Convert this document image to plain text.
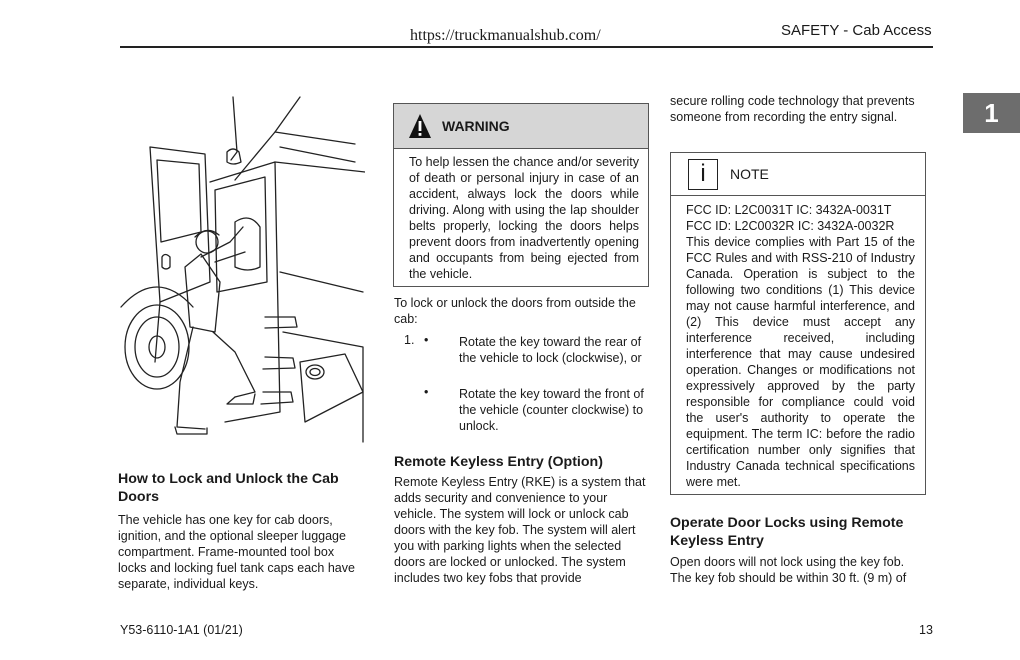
https://truckmanualshub.com/	SAFETY - Cab Access
1
How to Lock and Unlock the Cab Doors

The vehicle has one key for cab doors, ignition, and the optional sleeper luggage compartment. Frame-mounted tool box locks and locking fuel tank caps each have separate, individual keys.

WARNING

To help lessen the chance and/or severity of death or personal injury in case of an accident, always lock the doors while driving. Along with using the lap shoulder belts properly, locking the doors helps prevent doors from inadvertently opening and occupants from being ejected from the vehicle.

To lock or unlock the doors from outside the cab:

1. • Rotate the key toward the rear of the vehicle to lock (clockwise), or

• Rotate the key toward the front of the vehicle (counter clockwise) to unlock.

Remote Keyless Entry (Option)

Remote Keyless Entry (RKE) is a system that adds security and convenience to your vehicle. The system will lock or unlock cab doors with the key fob. The system will alert you with parking lights when the selected doors are locked or unlocked. The system includes two key fobs that provide

secure rolling code technology that prevents someone from recording the entry signal.

i	NOTE

FCC ID: L2C0031T IC: 3432A-0031T

FCC ID: L2C0032R IC: 3432A-0032R

This device complies with Part 15 of the FCC Rules and with RSS-210 of Industry Canada. Operation is subject to the following two conditions (1) This device may not cause harmful interference, and (2) This device must accept any interference received, including interference that may cause undesired operation. Changes or modifications not expressively approved by the party responsible for compliance could void the user's authority to operate the equipment. The term IC: before the radio certification number only signifies that Industry Canada technical specifications were met.

Operate Door Locks using Remote Keyless Entry

Open doors will not lock using the key fob. The key fob should be within 30 ft. (9 m) of

Y53-6110-1A1 (01/21)	13
